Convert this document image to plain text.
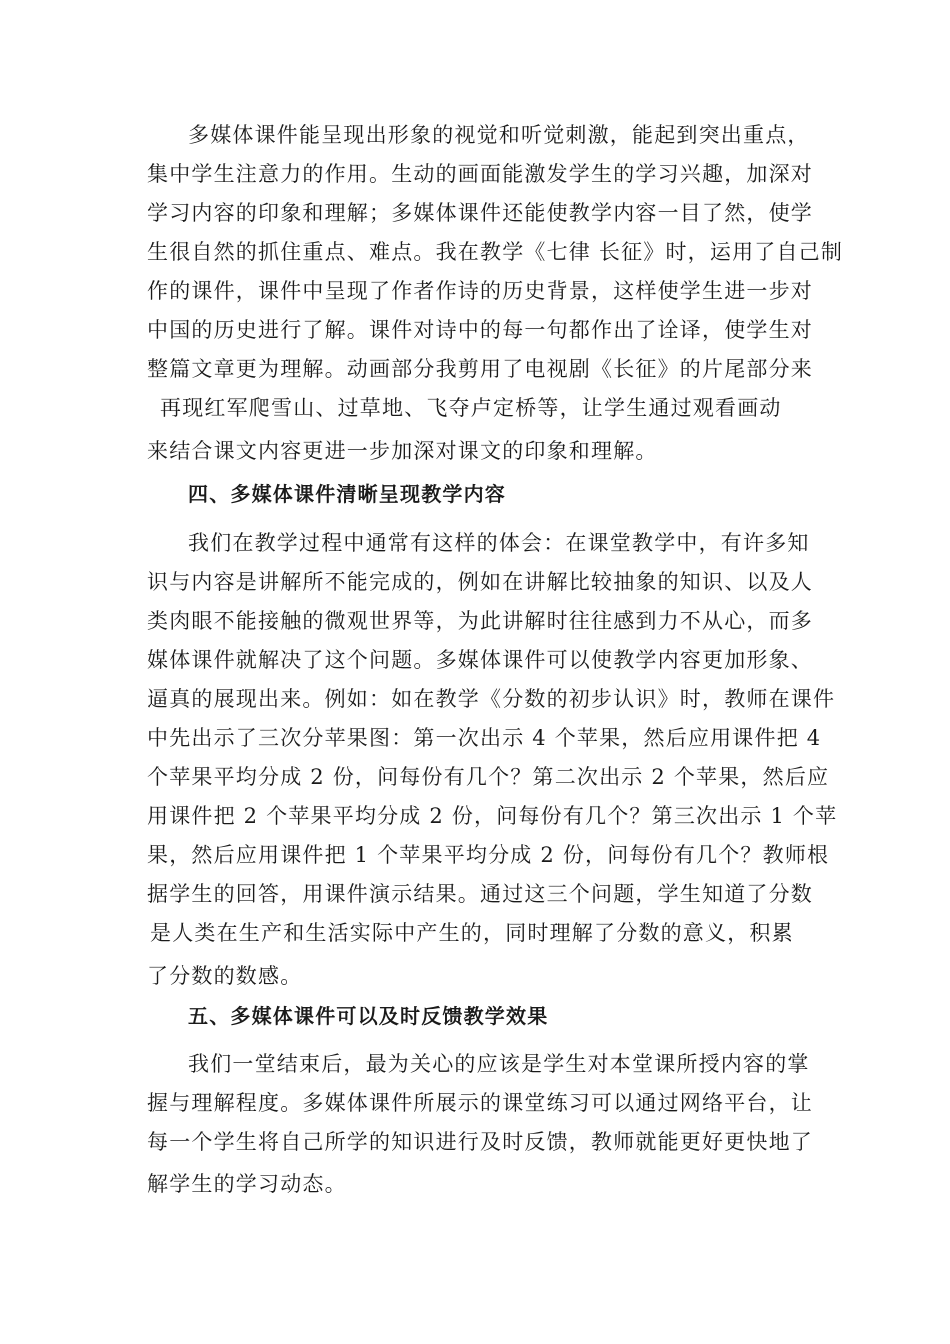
多媒体课件能呈现出形象的视觉和听觉刺激，能起到突出重点，
集中学生注意力的作用。生动的画面能激发学生的学习兴趣，加深对
学习内容的印象和理解；多媒体课件还能使教学内容一目了然，使学
生很自然的抓住重点、难点。我在教学《七律 长征》时，运用了自己制
作的课件，课件中呈现了作者作诗的历史背景，这样使学生进一步对
中国的历史进行了解。课件对诗中的每一句都作出了诠译，使学生对
整篇文章更为理解。动画部分我剪用了电视剧《长征》的片尾部分来
再现红军爬雪山、过草地、飞夺卢定桥等，让学生通过观看画动
来结合课文内容更进一步加深对课文的印象和理解。
四、多媒体课件清晰呈现教学内容
我们在教学过程中通常有这样的体会：在课堂教学中，有许多知
识与内容是讲解所不能完成的，例如在讲解比较抽象的知识、以及人
类肉眼不能接触的微观世界等，为此讲解时往往感到力不从心，而多
媒体课件就解决了这个问题。多媒体课件可以使教学内容更加形象、
逼真的展现出来。例如：如在教学《分数的初步认识》时，教师在课件
中先出示了三次分苹果图：第一次出示 4 个苹果，然后应用课件把 4
个苹果平均分成 2 份，问每份有几个？第二次出示 2 个苹果，然后应
用课件把 2 个苹果平均分成 2 份，问每份有几个？第三次出示 1 个苹
果，然后应用课件把 1 个苹果平均分成 2 份，问每份有几个？教师根
据学生的回答，用课件演示结果。通过这三个问题，学生知道了分数
是人类在生产和生活实际中产生的，同时理解了分数的意义，积累
了分数的数感。
五、多媒体课件可以及时反馈教学效果
我们一堂结束后，最为关心的应该是学生对本堂课所授内容的掌
握与理解程度。多媒体课件所展示的课堂练习可以通过网络平台，让
每一个学生将自己所学的知识进行及时反馈，教师就能更好更快地了
解学生的学习动态。
